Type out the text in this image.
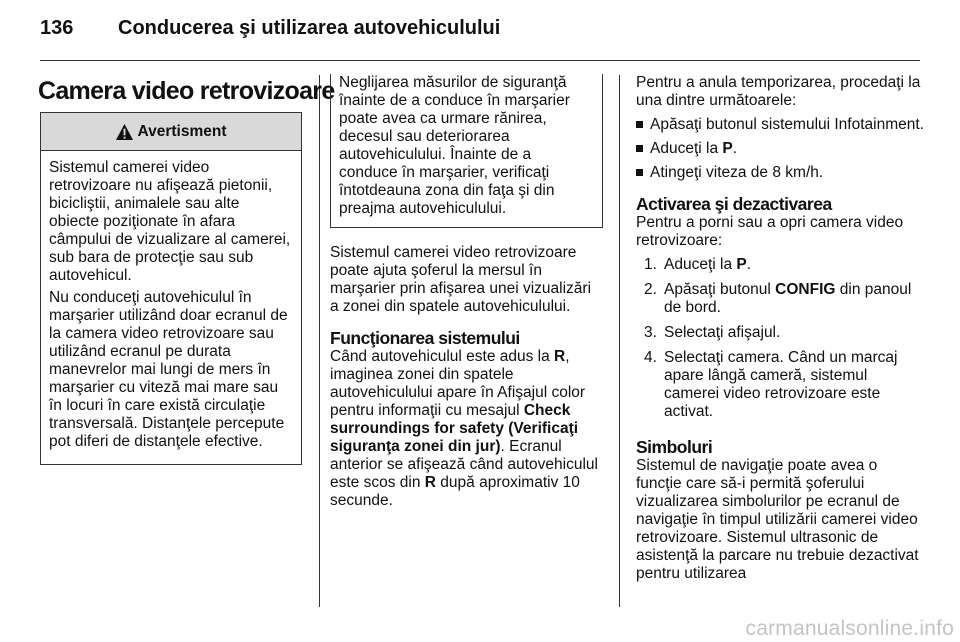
136	Conducerea şi utilizarea autovehiculului
Camera video retrovizoare
Avertisment

Sistemul camerei video retrovizoare nu afişează pietonii, bicicliştii, animalele sau alte obiecte poziţionate în afara câmpului de vizualizare al camerei, sub bara de protecţie sau sub autovehicul.

Nu conduceţi autovehiculul în marşarier utilizând doar ecranul de la camera video retrovizoare sau utilizând ecranul pe durata manevrelor mai lungi de mers în marşarier cu viteză mai mare sau în locuri în care există circulaţie transversală. Distanţele percepute pot diferi de distanţele efective.

Neglijarea măsurilor de siguranţă înainte de a conduce în marşarier poate avea ca urmare rănirea, decesul sau deteriorarea autovehiculului. Înainte de a conduce în marşarier, verificaţi întotdeauna zona din faţa şi din preajma autovehiculului.

Sistemul camerei video retrovizoare poate ajuta şoferul la mersul în marşarier prin afişarea unei vizualizări a zonei din spatele autovehiculului.

Funcţionarea sistemului

Când autovehiculul este adus la R, imaginea zonei din spatele autovehiculului apare în Afişajul color pentru informaţii cu mesajul Check surroundings for safety (Verificaţi siguranţa zonei din jur). Ecranul anterior se afişează când autovehiculul este scos din R după aproximativ 10 secunde.

Pentru a anula temporizarea, procedaţi la una dintre următoarele:

Apăsaţi butonul sistemului Infotainment.
Aduceţi la P.
Atingeţi viteza de 8 km/h.
Activarea şi dezactivarea

Pentru a porni sau a opri camera video retrovizoare:

1. Aduceţi la P.
2. Apăsaţi butonul CONFIG din panoul de bord.
3. Selectaţi afişajul.
4. Selectaţi camera. Când un marcaj apare lângă cameră, sistemul camerei video retrovizoare este activat.
Simboluri

Sistemul de navigaţie poate avea o funcţie care să-i permită şoferului vizualizarea simbolurilor pe ecranul de navigaţie în timpul utilizării camerei video retrovizoare. Sistemul ultrasonic de asistenţă la parcare nu trebuie dezactivat pentru utilizarea

carmanualsonline.info
